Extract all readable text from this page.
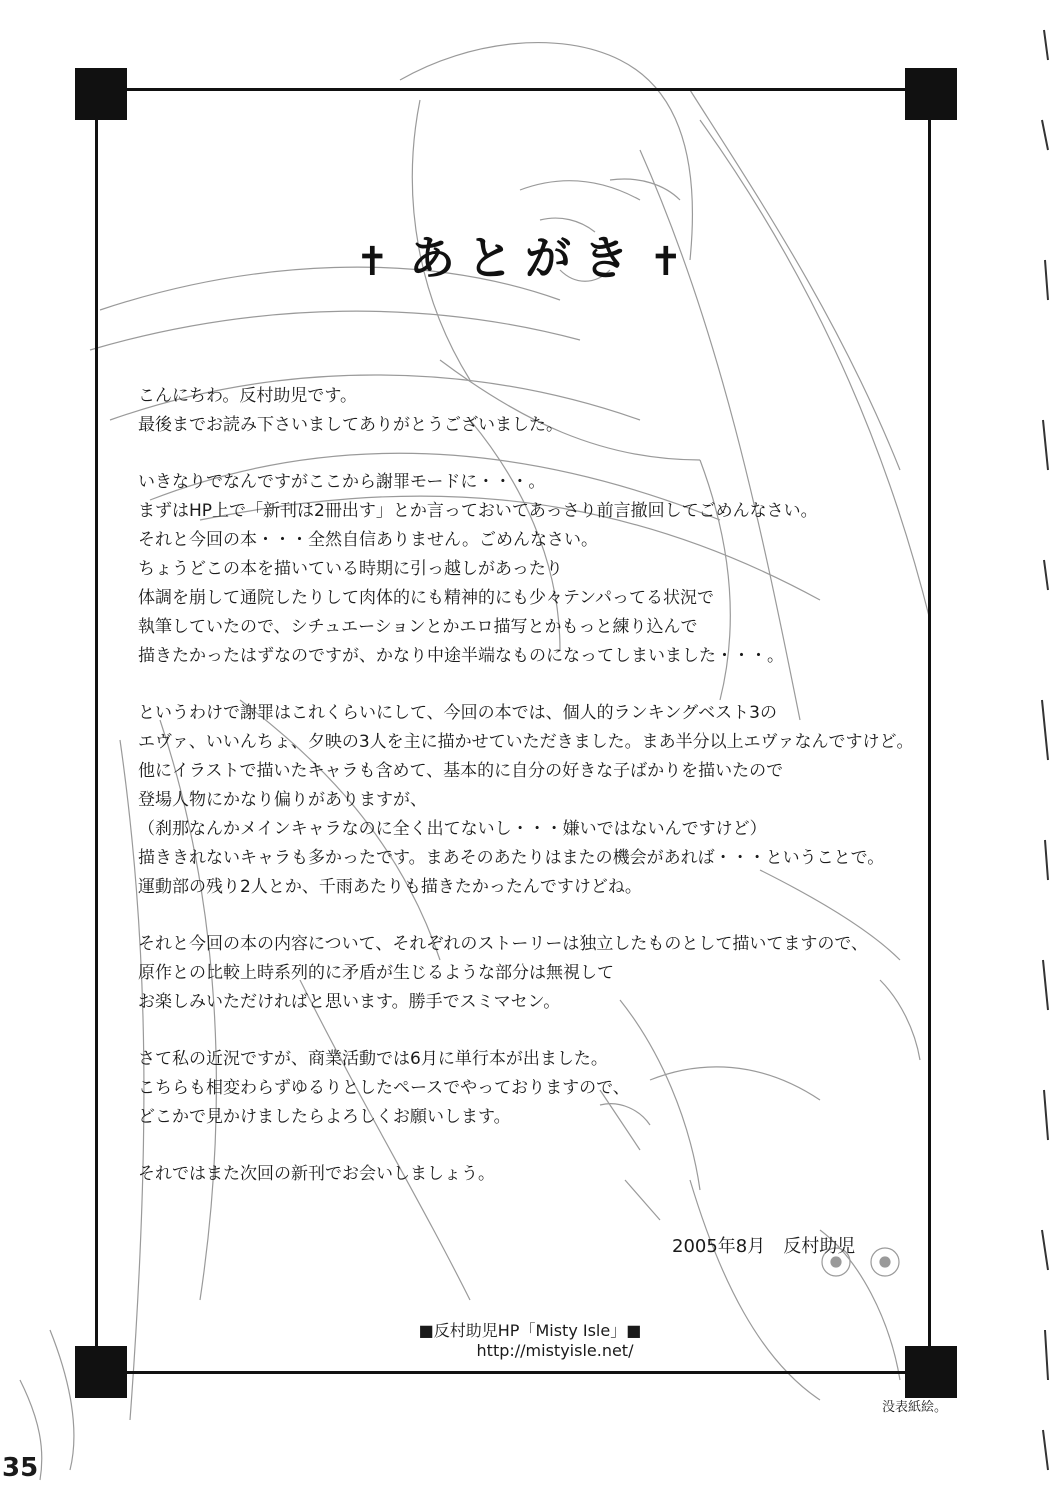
✝ あとがき ✝
こんにちわ。反村助児です。
最後までお読み下さいましてありがとうございました。
いきなりでなんですがここから謝罪モードに・・・。
まずはHP上で「新刊は2冊出す」とか言っておいてあっさり前言撤回してごめんなさい。
それと今回の本・・・全然自信ありません。ごめんなさい。
ちょうどこの本を描いている時期に引っ越しがあったり
体調を崩して通院したりして肉体的にも精神的にも少々テンパってる状況で
執筆していたので、シチュエーションとかエロ描写とかもっと練り込んで
描きたかったはずなのですが、かなり中途半端なものになってしまいました・・・。
というわけで謝罪はこれくらいにして、今回の本では、個人的ランキングベスト3の
エヴァ、いいんちょ、夕映の3人を主に描かせていただきました。まあ半分以上エヴァなんですけど。
他にイラストで描いたキャラも含めて、基本的に自分の好きな子ばかりを描いたので
登場人物にかなり偏りがありますが、
（刹那なんかメインキャラなのに全く出てないし・・・嫌いではないんですけど）
描ききれないキャラも多かったです。まあそのあたりはまたの機会があれば・・・ということで。
運動部の残り2人とか、千雨あたりも描きたかったんですけどね。
それと今回の本の内容について、それぞれのストーリーは独立したものとして描いてますので、
原作との比較上時系列的に矛盾が生じるような部分は無視して
お楽しみいただければと思います。勝手でスミマセン。
さて私の近況ですが、商業活動では6月に単行本が出ました。
こちらも相変わらずゆるりとしたペースでやっておりますので、
どこかで見かけましたらよろしくお願いします。
それではまた次回の新刊でお会いしましょう。
2005年8月　反村助児
■反村助児HP「Misty Isle」■
http://mistyisle.net/
没表紙絵。
35
